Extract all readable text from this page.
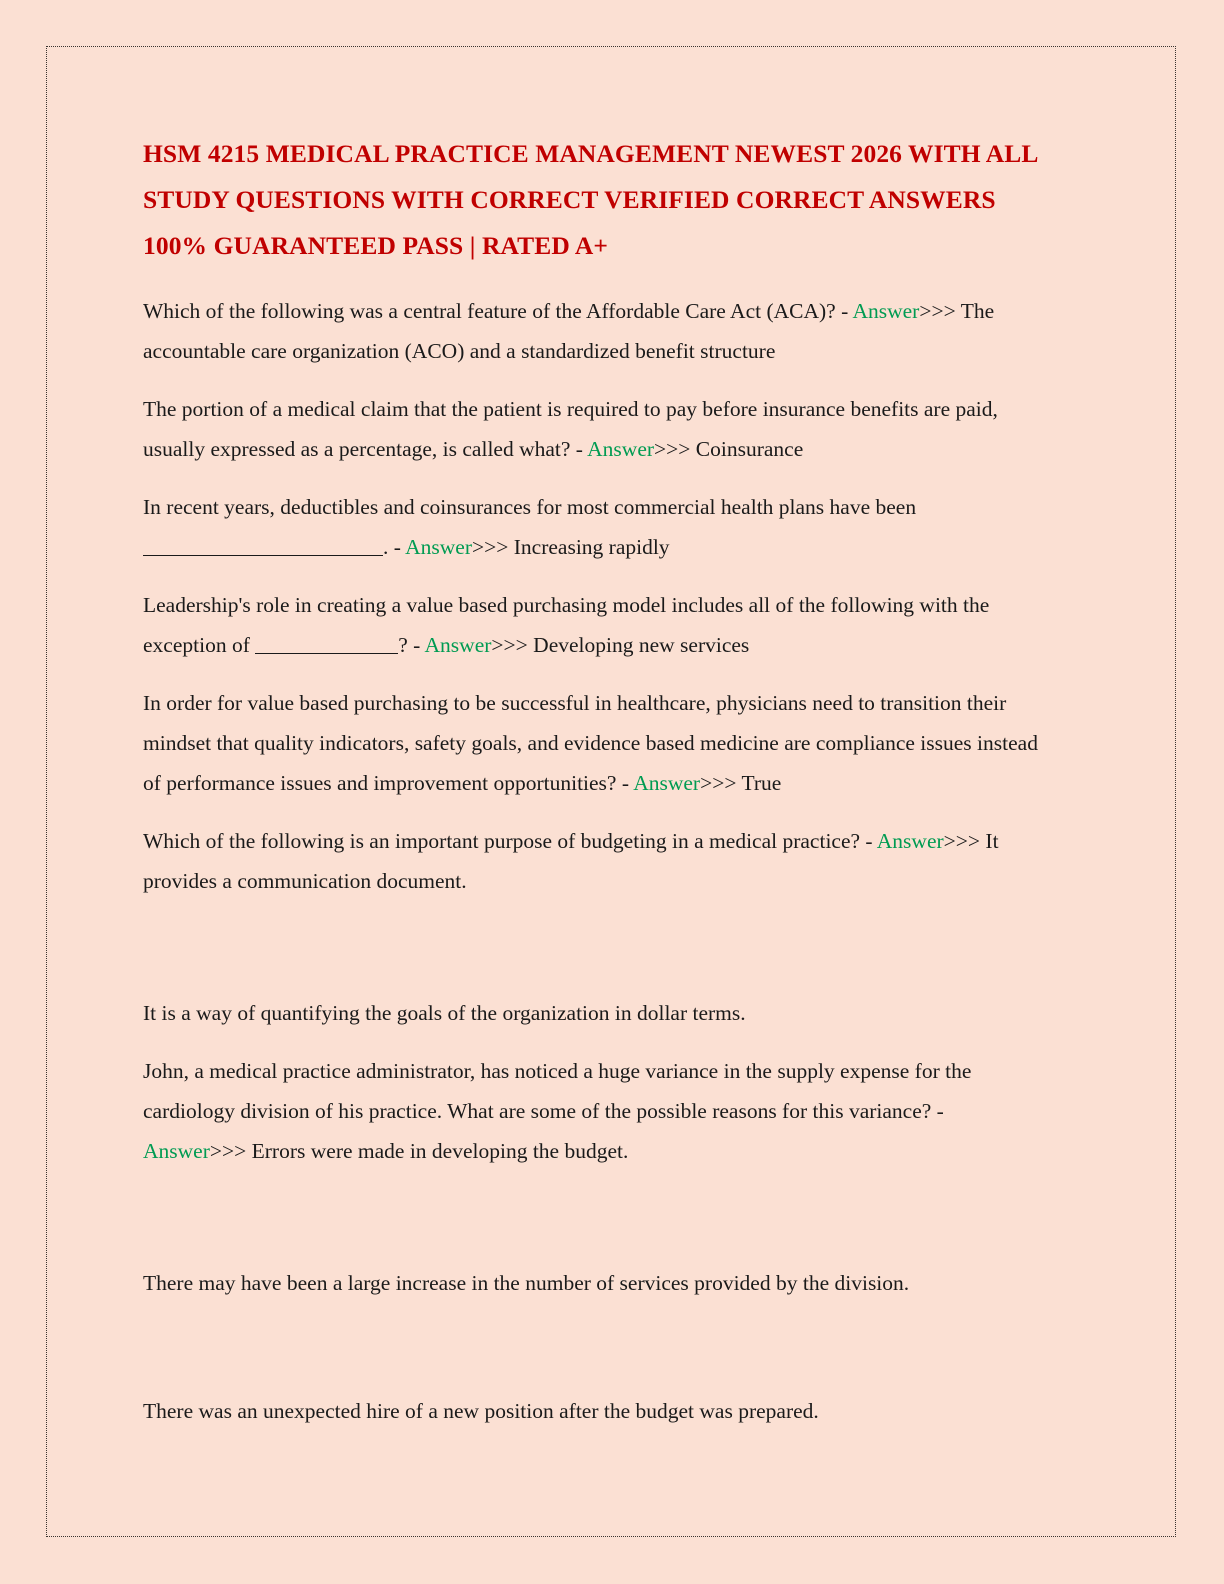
HSM 4215 MEDICAL PRACTICE MANAGEMENT NEWEST 2026 WITH ALL STUDY QUESTIONS WITH CORRECT VERIFIED CORRECT ANSWERS 100% GUARANTEED PASS | RATED A+

Which of the following was a central feature of the Affordable Care Act (ACA)? - Answer>>> The accountable care organization (ACO) and a standardized benefit structure

The portion of a medical claim that the patient is required to pay before insurance benefits are paid, usually expressed as a percentage, is called what? - Answer>>> Coinsurance

In recent years, deductibles and coinsurances for most commercial health plans have been . - Answer>>> Increasing rapidly

Leadership's role in creating a value based purchasing model includes all of the following with the exception of	? - Answer>>> Developing new services

In order for value based purchasing to be successful in healthcare, physicians need to transition their mindset that quality indicators, safety goals, and evidence based medicine are compliance issues instead of performance issues and improvement opportunities? - Answer>>> True

Which of the following is an important purpose of budgeting in a medical practice? - Answer>>> It provides a communication document.

It is a way of quantifying the goals of the organization in dollar terms.

John, a medical practice administrator, has noticed a huge variance in the supply expense for the cardiology division of his practice. What are some of the possible reasons for this variance? - Answer>>> Errors were made in developing the budget.

There may have been a large increase in the number of services provided by the division.

There was an unexpected hire of a new position after the budget was prepared.
